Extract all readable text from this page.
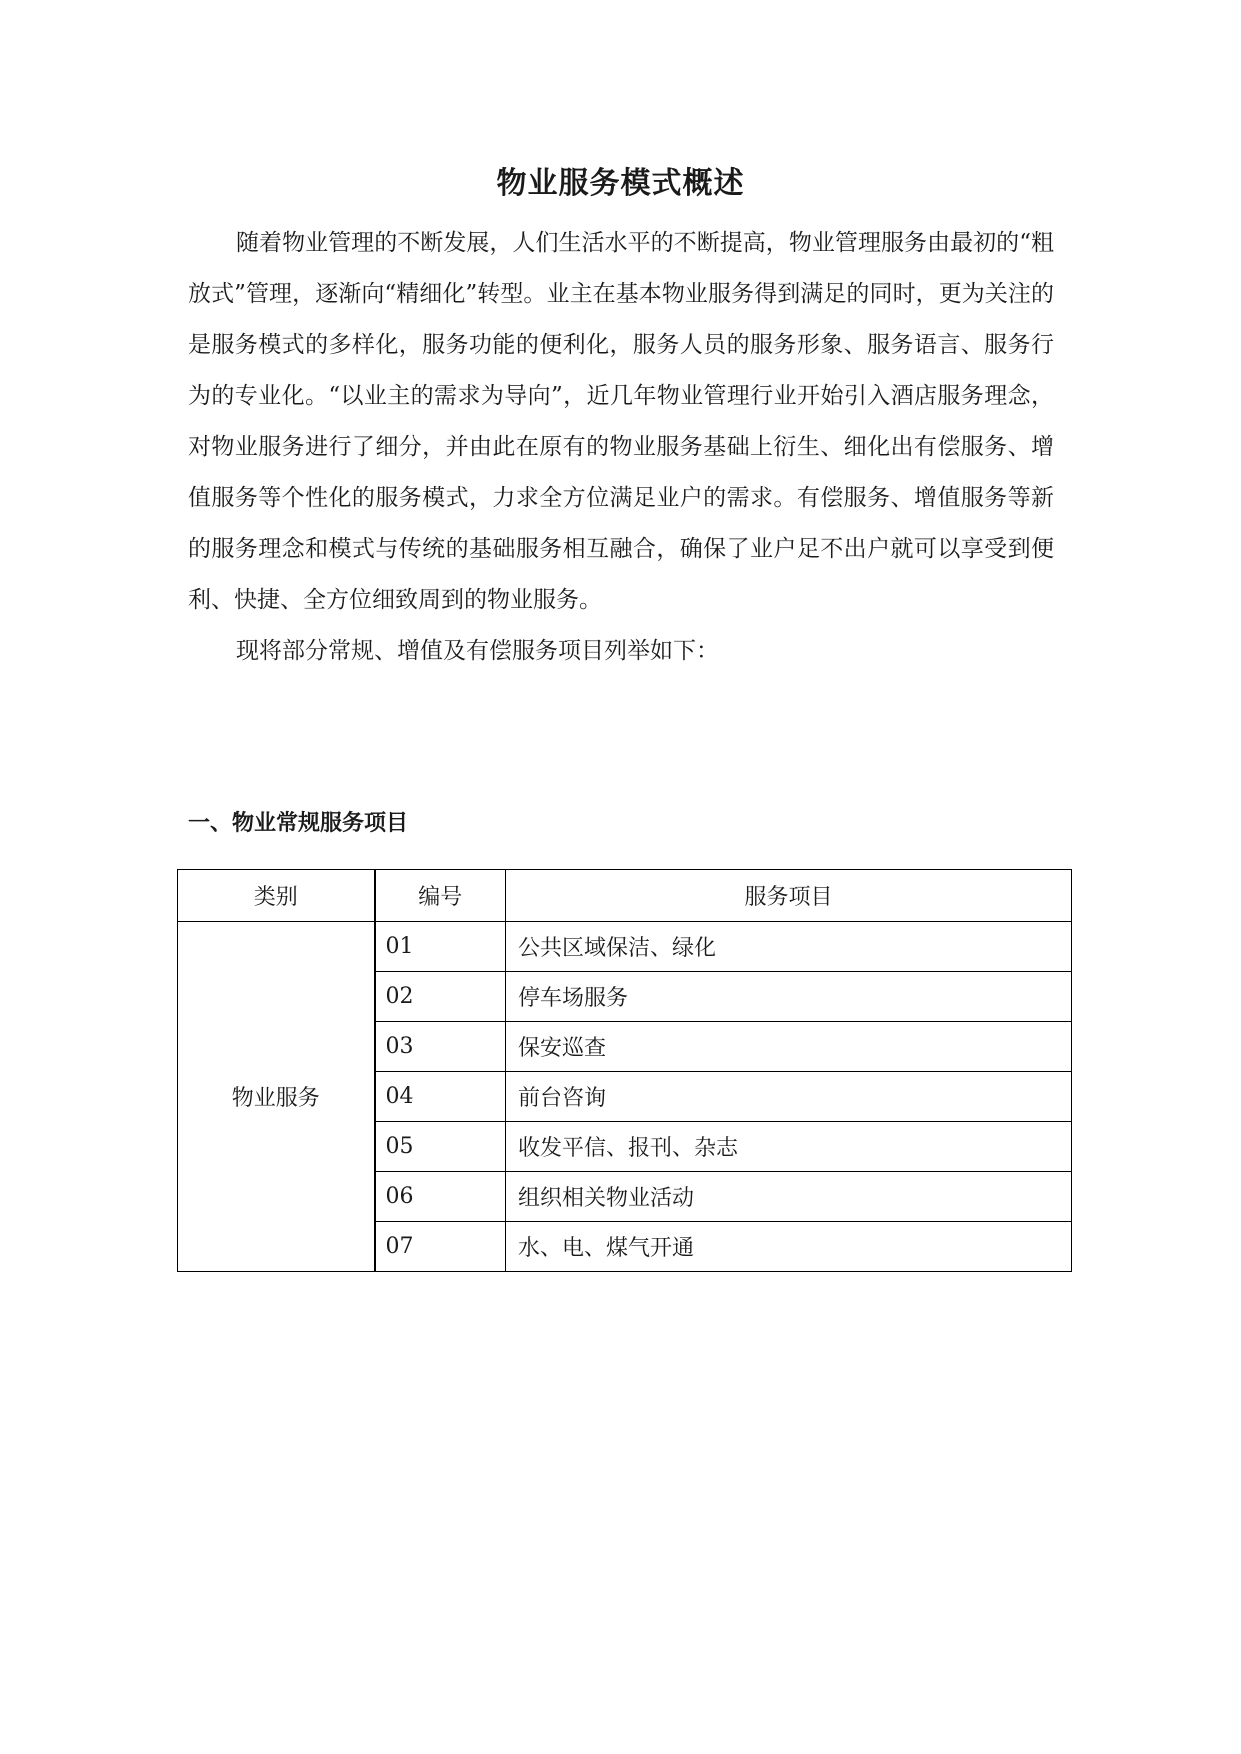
物业服务模式概述

随着物业管理的不断发展，人们生活水平的不断提高，物业管理服务由最初的“粗放式”管理，逐渐向“精细化”转型。业主在基本物业服务得到满足的同时，更为关注的是服务模式的多样化，服务功能的便利化，服务人员的服务形象、服务语言、服务行为的专业化。“以业主的需求为导向”，近几年物业管理行业开始引入酒店服务理念，对物业服务进行了细分，并由此在原有的物业服务基础上衍生、细化出有偿服务、增值服务等个性化的服务模式，力求全方位满足业户的需求。有偿服务、增值服务等新的服务理念和模式与传统的基础服务相互融合，确保了业户足不出户就可以享受到便利、快捷、全方位细致周到的物业服务。

现将部分常规、增值及有偿服务项目列举如下：

一、物业常规服务项目
类别	编号	服务项目
物业服务	01	公共区域保洁、绿化
	02	停车场服务
	03	保安巡查
	04	前台咨询
	05	收发平信、报刊、杂志
	06	组织相关物业活动
	07	水、电、煤气开通
